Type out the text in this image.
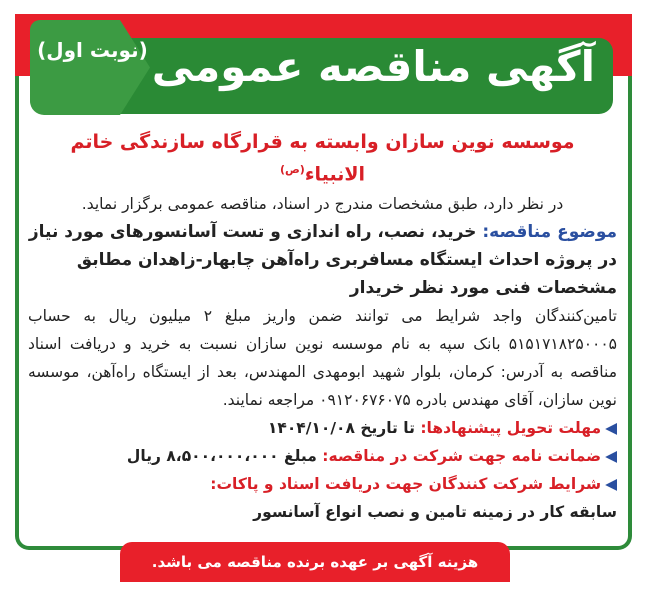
آگهی مناقصه عمومی$^{(نوبت اول)}$
موسسه نوین سازان وابسته به قرارگاه سازندگی خاتم الانبیاء$^{(ص)}$
در نظر دارد، طبق مشخصات مندرج در اسناد، مناقصه عمومی برگزار نماید.
موضوع مناقصه: خرید، نصب، راه اندازی و تست آسانسورهای مورد نیاز در پروژه احداث ایستگاه مسافربری راه‌آهن چابهار-زاهدان مطابق مشخصات فنی مورد نظر خریدار
تامین‌کنندگان واجد شرایط می توانند ضمن واریز مبلغ ۲ میلیون ریال به حساب ۵۱۵۱۷۱۸۲۵۰۰۰۵ بانک سپه به نام موسسه نوین سازان نسبت به خرید و دریافت اسناد مناقصه به آدرس: کرمان، بلوار شهید ابومهدی المهندس، بعد از ایستگاه راه‌آهن، موسسه نوین سازان، آقای مهندس بادره ۰۹۱۲۰۶۷۶۰۷۵ مراجعه نمایند.
◀مهلت تحویل پیشنهادها: تا تاریخ ۱۴۰۴/۱۰/۰۸
◀ضمانت نامه جهت شرکت در مناقصه: مبلغ ۸،۵۰۰،۰۰۰،۰۰۰ ریال
◀شرایط شرکت کنندگان جهت دریافت اسناد و پاکات:
سابقه کار در زمینه تامین و نصب انواع آسانسور
هزینه آگهی بر عهده برنده مناقصه می باشد.
